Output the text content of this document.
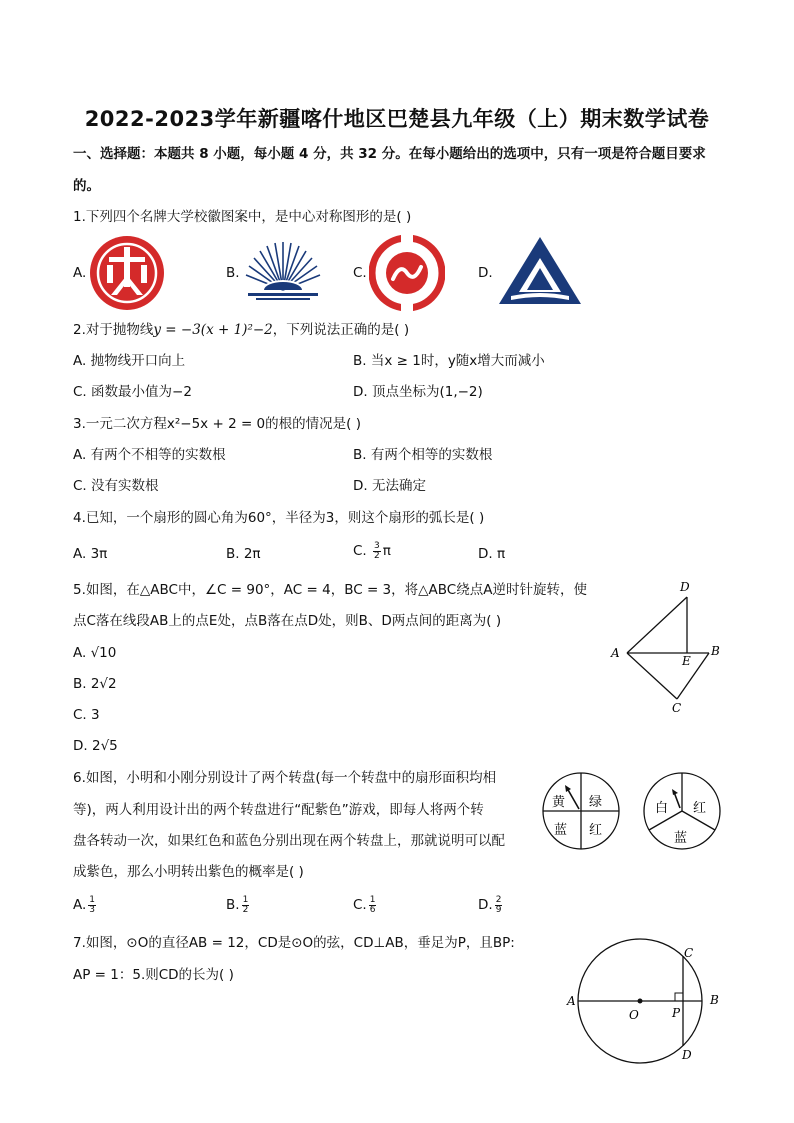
2022-2023学年新疆喀什地区巴楚县九年级（上）期末数学试卷
一、选择题：本题共 8 小题，每小题 4 分，共 32 分。在每小题给出的选项中，只有一项是符合题目要求
的。
1.下列四个名牌大学校徽图案中，是中心对称图形的是( )
A.	B.	C.	D.
2.对于抛物线y = −3(x + 1)²−2，下列说法正确的是( )
A. 抛物线开口向上	B. 当x ≥ 1时，y随x增大而减小
C. 函数最小值为−2	D. 顶点坐标为(1,−2)
3.一元二次方程x²−5x + 2 = 0的根的情况是( )
A. 有两个不相等的实数根	B. 有两个相等的实数根
C. 没有实数根	D. 无法确定
4.已知，一个扇形的圆心角为60°，半径为3，则这个扇形的弧长是( )
A. 3π	B. 2π	C. $\frac{3}{2}$ π	D. π
5.如图，在△ABC中，∠C = 90°，AC = 4，BC = 3，将△ABC绕点A逆时针旋转，使
点C落在线段AB上的点E处，点B落在点D处，则B、D两点间的距离为( )
A. √10
B. 2√2
C. 3
D. 2√5
D
A
E
B
C
6.如图，小明和小刚分别设计了两个转盘(每一个转盘中的扇形面积均相
等)，两人利用设计出的两个转盘进行“配紫色”游戏，即每人将两个转
盘各转动一次，如果红色和蓝色分别出现在两个转盘上，那就说明可以配
成紫色，那么小明转出紫色的概率是( )
A. $\frac{1}{3}$	B. $\frac{1}{2}$	C. $\frac{1}{6}$	D. $\frac{2}{9}$
黄 绿
蓝 红
白 红
蓝
7.如图，⊙O的直径AB = 12，CD是⊙O的弦，CD⊥AB，垂足为P，且BP:
AP = 1：5.则CD的长为( )
C
A	B
O	P
D
